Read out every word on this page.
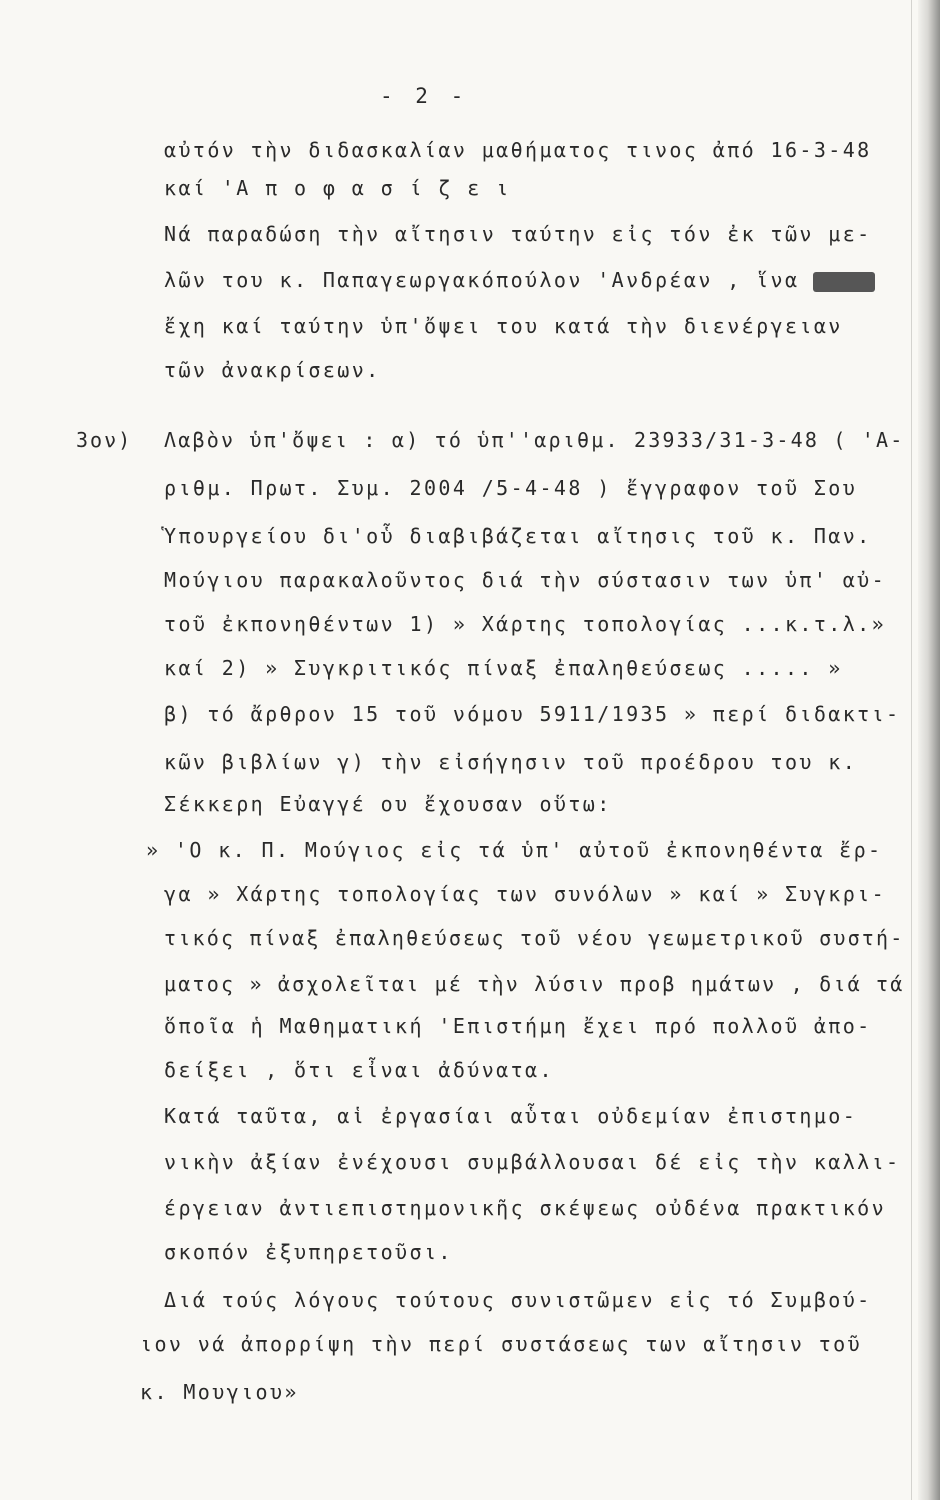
- 2 -

αὐτόν τὴν διδασκαλίαν μαθήματος τινος ἀπό 16-3-48

καί 'Α π ο φ α σ ί ζ ε ι

Νά παραδώση τὴν αἴτησιν ταύτην εἰς τόν ἐκ τῶν με-

λῶν του κ. Παπαγεωργακόπούλον 'Ανδρέαν , ἵνα

ἔχη καί ταύτην ὑπ'ὄψει του κατά τὴν διενέργειαν

τῶν ἀνακρίσεων.

3ον) Λαβὸν ὑπ'ὄψει : α) τό ὑπ''αριθμ. 23933/31-3-48 ( 'Α-

ριθμ. Πρωτ. Συμ. 2004 /5-4-48 ) ἔγγραφον τοῦ Σου

Ὑπουργείου δι'οὗ διαβιβάζεται αἴτησις τοῦ κ. Παν.

Μούγιου παρακαλοῦντος διά τὴν σύστασιν των ὑπ' αὐ-

τοῦ ἐκπονηθέντων 1) » Χάρτης τοπολογίας ...κ.τ.λ.»

καί 2) » Συγκριτικός πίναξ ἐπαληθεύσεως ..... »

β) τό ἄρθρον 15 τοῦ νόμου 5911/1935 » περί διδακτι-

κῶν βιβλίων γ) τὴν εἰσήγησιν τοῦ προέδρου του κ.

Σέκκερη Εὐαγγέ ου ἔχουσαν οὕτω:

» 'Ο κ. Π. Μούγιος εἰς τά ὑπ' αὐτοῦ ἐκπονηθέντα ἔρ-

γα » Χάρτης τοπολογίας των συνόλων » καί » Συγκρι-

τικός πίναξ ἐπαληθεύσεως τοῦ νέου γεωμετρικοῦ συστή-

ματος » ἀσχολεῖται μέ τὴν λύσιν προβ ημάτων , διά τά

ὅποῖα ἡ Μαθηματική 'Επιστήμη ἔχει πρό πολλοῦ ἀπο-

δείξει , ὅτι εἶναι ἀδύνατα.

Κατά ταῦτα, αἱ ἐργασίαι αὗται οὐδεμίαν ἐπιστημο-

νικὴν ἀξίαν ἐνέχουσι συμβάλλουσαι δέ εἰς τὴν καλλι-

έργειαν ἀντιεπιστημονικῆς σκέψεως οὐδένα πρακτικόν

σκοπόν ἐξυπηρετοῦσι.

Διά τούς λόγους τούτους συνιστῶμεν εἰς τό Συμβού-

ιον νά ἀπορρίψη τὴν περί συστάσεως των αἴτησιν τοῦ

κ. Μουγιου»
